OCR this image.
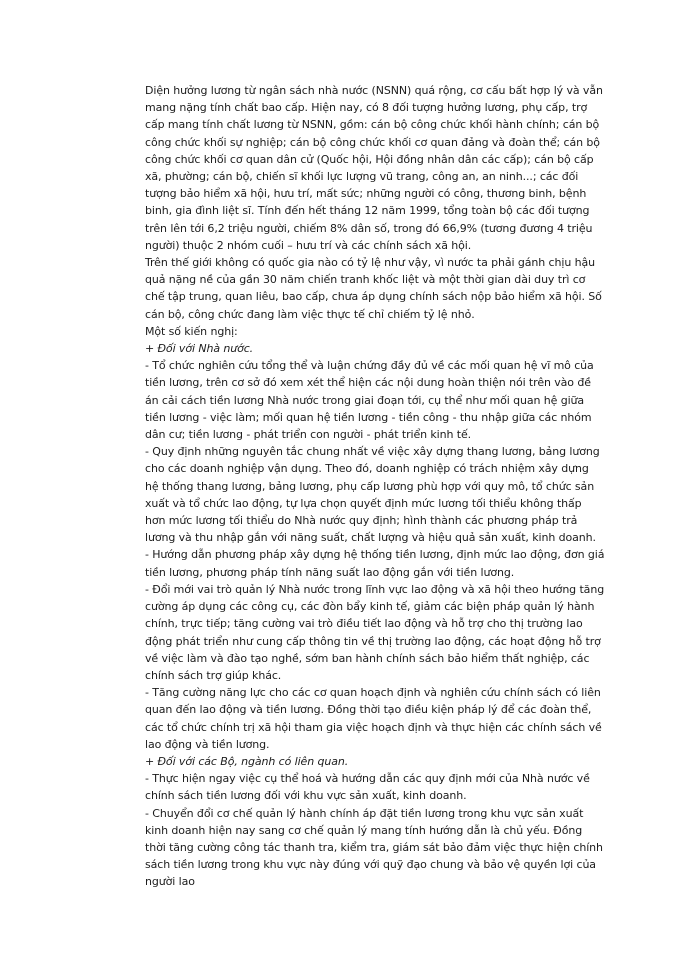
Diện hưởng lương từ ngân sách nhà nước (NSNN) quá rộng, cơ cấu bất hợp lý và vẫn mang nặng tính chất bao cấp. Hiện nay, có 8 đối tượng hưởng lương, phụ cấp, trợ cấp mang tính chất lương từ NSNN, gồm: cán bộ công chức khối hành chính; cán bộ công chức khối sự nghiệp; cán bộ công chức khối cơ quan đảng và đoàn thể; cán bộ công chức khối cơ quan dân cử (Quốc hội, Hội đồng nhân dân các cấp); cán bộ cấp xã, phường; cán bộ, chiến sĩ khối lực lượng vũ trang, công an, an ninh...; các đối tượng bảo hiểm xã hội, hưu trí, mất sức; những người có công, thương binh, bệnh binh, gia đình liệt sĩ. Tính đến hết tháng 12 năm 1999, tổng toàn bộ các đối tượng trên lên tới 6,2 triệu người, chiếm 8% dân số, trong đó 66,9% (tương đương 4 triệu người) thuộc 2 nhóm cuối – hưu trí và các chính sách xã hội.

Trên thế giới không có quốc gia nào có tỷ lệ như vậy, vì nước ta phải gánh chịu hậu quả nặng nề của gần 30 năm chiến tranh khốc liệt và một thời gian dài duy trì cơ chế tập trung, quan liêu, bao cấp, chưa áp dụng chính sách nộp bảo hiểm xã hội. Số cán bộ, công chức đang làm việc thực tế chỉ chiếm tỷ lệ nhỏ.

Một số kiến nghị:

+ Đối với Nhà nước.

- Tổ chức nghiên cứu tổng thể và luận chứng đầy đủ về các mối quan hệ vĩ mô của tiền lương, trên cơ sở đó xem xét thể hiện các nội dung hoàn thiện nói trên vào đề án cải cách tiền lương Nhà nước trong giai đoạn tới, cụ thể như mối quan hệ giữa tiền lương - việc làm; mối quan hệ tiền lương - tiền công - thu nhập giữa các nhóm dân cư; tiền lương - phát triển con người - phát triển kinh tế.

- Quy định những nguyên tắc chung nhất về việc xây dựng thang lương, bảng lương cho các doanh nghiệp vận dụng. Theo đó, doanh nghiệp có trách nhiệm xây dựng hệ thống thang lương, bảng lương, phụ cấp lương phù hợp với quy mô, tổ chức sản xuất và tổ chức lao động, tự lựa chọn quyết định mức lương tối thiểu không thấp hơn mức lương tối thiểu do Nhà nước quy định; hình thành các phương pháp trả lương và thu nhập gắn với năng suất, chất lượng và hiệu quả sản xuất, kinh doanh.

- Hướng dẫn phương pháp xây dựng hệ thống tiền lương, định mức lao động, đơn giá tiền lương, phương pháp tính năng suất lao động gắn với tiền lương.

- Đổi mới vai trò quản lý Nhà nước trong lĩnh vực lao động và xã hội theo hướng tăng cường áp dụng các công cụ, các đòn bẩy kinh tế, giảm các biện pháp quản lý hành chính, trực tiếp; tăng cường vai trò điều tiết lao động và hỗ trợ cho thị trường lao động phát triển như cung cấp thông tin về thị trường lao động, các hoạt động hỗ trợ về việc làm và đào tạo nghề, sớm ban hành chính sách bảo hiểm thất nghiệp, các chính sách trợ giúp khác.

- Tăng cường năng lực cho các cơ quan hoạch định và nghiên cứu chính sách có liên quan đến lao động và tiền lương. Đồng thời tạo điều kiện pháp lý để các đoàn thể, các tổ chức chính trị xã hội tham gia việc hoạch định và thực hiện các chính sách về lao động và tiền lương.

+ Đối với các Bộ, ngành có liên quan.

- Thực hiện ngay việc cụ thể hoá và hướng dẫn các quy định mới của Nhà nước về chính sách tiền lương đối với khu vực sản xuất, kinh doanh.

- Chuyển đổi cơ chế quản lý hành chính áp đặt tiền lương trong khu vực sản xuất kinh doanh hiện nay sang cơ chế quản lý mang tính hướng dẫn là chủ yếu. Đồng thời tăng cường công tác thanh tra, kiểm tra, giám sát bảo đảm việc thực hiện chính sách tiền lương trong khu vực này đúng với quỹ đạo chung và bảo vệ quyền lợi của người lao
